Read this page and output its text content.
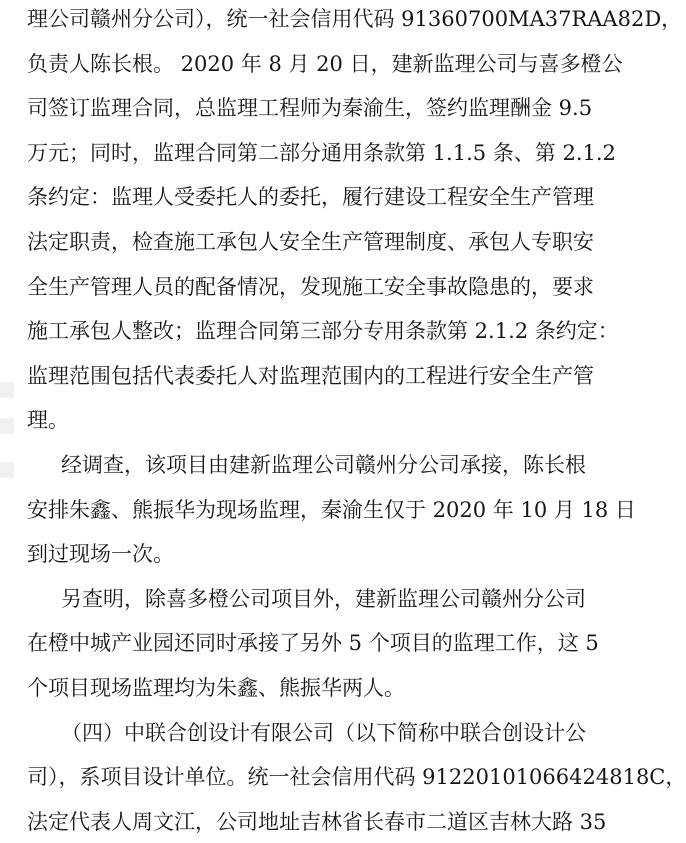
理公司赣州分公司），统一社会信用代码 91360700MA37RAA82D，
负责人陈长根。 2020 年 8 月 20 日，建新监理公司与喜多橙公
司签订监理合同，总监理工程师为秦渝生，签约监理酬金 9.5
万元；同时，监理合同第二部分通用条款第 1.1.5 条、第 2.1.2
条约定：监理人受委托人的委托，履行建设工程安全生产管理
法定职责，检查施工承包人安全生产管理制度、承包人专职安
全生产管理人员的配备情况，发现施工安全事故隐患的，要求
施工承包人整改；监理合同第三部分专用条款第 2.1.2 条约定：
监理范围包括代表委托人对监理范围内的工程进行安全生产管
理。
经调查，该项目由建新监理公司赣州分公司承接，陈长根
安排朱鑫、熊振华为现场监理，秦渝生仅于 2020 年 10 月 18 日
到过现场一次。
另查明，除喜多橙公司项目外，建新监理公司赣州分公司
在橙中城产业园还同时承接了另外 5 个项目的监理工作，这 5
个项目现场监理均为朱鑫、熊振华两人。
（四）中联合创设计有限公司（以下简称中联合创设计公
司），系项目设计单位。统一社会信用代码 91220101066424818C，
法定代表人周文江，公司地址吉林省长春市二道区吉林大路 35
